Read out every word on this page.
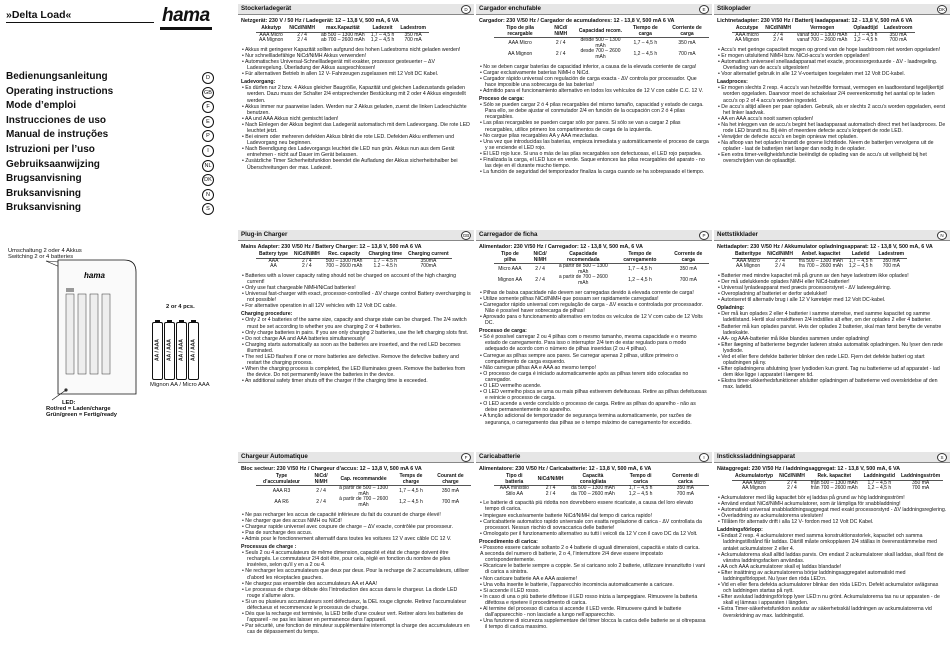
»Delta Load«	hama
Bedienungsanleitung	D
Operating instructions	GB
Mode d’emploi	F
Instrucciones de uso	E
Manual de instruções	P
Istruzioni per l’uso	I
Gebruiksaanwijzing	NL
Brugsanvisning	DK
Bruksanvisning	N
Bruksanvisning	S
Umschaltung 2 oder 4 Akkus
Switching 2 or 4 batteries
hama
2 or 4 pcs.
AA / AAA AA / AAA AA / AAA AA / AAA
Mignon AA / Micro AAA
LED:
Rot/red = Laden/charge
Grün/green = Fertig/ready
Stockerladegerät	D
Netzgerät: 230 V / 50 Hz / Ladegerät: 12 – 13,8 V, 500 mA, 6 VA
Akkutyp	NiCd/NiMH	max.Kapazität	Ladezeit	Ladestrom
AAA Micro	2 / 4	ab 500 – 1300 mAh	1,7 – 4,5 h	350 mA
AA Mignon	2 / 4	ab 700 – 2600 mAh	1,2 – 4,5 h	700 mA

• Akkus mit geringerer Kapazität sollten aufgrund des hohen Ladestroms nicht geladen werden!

• Nur schnellladefähige NiCd/NiMH Akkus verwenden!

• Automatisches Universal-Schnellladegerät mit exakter, prozessor gesteuerter – ΔV Ladesregelung. Überladung der Akkus ausgeschlossen!

• Für alternativen Betrieb in allen 12 V- Fahrzeugen zugelassen mit 12 Volt DC Kabel.

Ladevorgang:

• Es dürfen nur 2 bzw. 4 Akkus gleicher Baugröße, Kapazität und gleichen Ladezustands geladen werden. Dazu muss der Schalter 2/4 entsprechender Bestückung mit 2 oder 4 Akkus eingestellt werden.

• Akkus immer nur paarweise laden. Werden nur 2 Akkus geladen, zuerst die linken Ladeschächte benutzen.

• AA und AAA Akkus nicht gemischt laden!

• Nach Einlegen der Akkus beginnt das Ladegerät automatisch mit dem Ladevorgang. Die rote LED leuchtet jetzt.

• Bei einem oder mehreren defekten Akkus blinkt die rote LED. Defekten Akku entfernen und Ladevorgang neu beginnen.

• Nach Beendigung des Ladevorgangs leuchtet die LED nun grün. Akkus nun aus dem Gerät entnehmen - nicht auf Dauer im Gerät belassen.

• Zusätzliche Timer Sicherheitsfunktion beendet die Aufladung der Akkus sicherheitshalber bei Überschreitungen der max. Ladezeit.

Cargador enchufable	E
Cargador: 230 V/50 Hz / Cargador de acumuladores: 12 - 13,8 V, 500 mA 6 VA
Tipo de pila recargable	NiCd/ NiMH	Capacidad recom.	Tiempo de carga	Corriente de carga
AAA Micro	2 / 4	desde 500 – 1300 mAh	1,7 – 4,5 h	350 mA
AA Mignon	2 / 4	desde 700 – 2600 mAh	1,2 – 4,5 h	700 mA

• No se deben cargar baterías de capacidad inferior, a causa de la elevada corriente de carga!

• Cargar exclusivamente baterías NiMH o NiCd.

• Cargador rápido universal con regulación de carga exacta - ΔV controla por procesador. Que hace imposible una sobrecarga de las baterías!

• Admitido para el funcionamiento alternativo en todos los vehículos de 12 V con cable C.C. 12 V.

Proceso de carga:

• Sólo se pueden cargar 2 ó 4 pilas recargables del mismo tamaño, capacidad y estado de carga. Para ello, se debe ajustar el conmutador 2/4 en función de la ocupación con 2 ó 4 pilas recargables.

• Las pilas recargables se pueden cargar sólo por pares. Si sólo se van a cargar 2 pilas recargables, utilice primero los compartimentos de carga de la izquierda.

• No cargue pilas recargables AA y AAA mezcladas.

• Una vez que introducidas las baterías, empieza inmediata y automáticamente el proceso de carga y se enciende el LED rojo.

• El LED rojo luce. Si una o más de las pilas recargables son defectuosas, el LED rojo parpadea.

• Finalizada la carga, el LED luce en verde. Saque entonces las pilas recargables del aparato - no las deje en él durante mucho tiempo.

• La función de seguridad del temporizador finaliza la carga cuando se ha sobrepasado el tiempo.

Stikoplader	DK
Lichtnetadapter: 230 V/50 Hz / Batterij laadapparaat: 12 - 13,8 V, 500 mA 6 VA
Accutype	NiCd/NiMH	Vermogen	Oplaadtijd	Ladestroom
AAA micro	2 / 4	vanaf 500 – 1300 mAh	1,7 – 4,5 h	350 mA
AA Mignon	2 / 4	vanaf 700 – 2600 mAh	1,2 – 4,5 h	700 mA

• Accu’s met geringe capaciteit mogen op grond van de hoge laadstroom niet worden opgeladen!

• Er mogen uitsluitend NiMH bzw. NiCd-accu’s worden opgeladen!

• Automatisch universeel snellaadapparaat met exacte, processorgestuurde - ΔV - laadregeling. Overlading van de accu’s uitgesloten!

• Voor alternatief gebruik in alle 12 V-voertuigen toegelaten met 12 Volt DC-kabel.

Laadproces:

• Er mogen slechts 2 resp. 4 accu’s van hetzelfde formaat, vermogen en laadtoestand tegelijkertijd worden opgeladen. Daarvoor moet de schakelaar 2/4 overeenkomstig het aantal op te laden accu’s op 2 of 4 accu’s worden ingesteld.

• De accu’s altijd alleen per paar opladen. Gebruik, als er slechts 2 accu’s worden opgeladen, eerst het linker laadvak.

• AA en AAA accu’s nooit samen opladen!

• Na het inleggen van de accu’s begint het laadapparaat automatisch direct met het laadproces. De rode LED brandt nu. Bij één of meerdere defecte accu’s knippert de rode LED.

• Verwijder de defecte accu’s en begin opnieuw met opladen.

• Na afloop van het opladen brandt de groene lichtdiode. Neem de batterijen vervolgens uit de oplader - laat de batterijen niet langer dan nodig in de oplader.

• Een extra timer-veiligheidsfunctie beëindigt de oplading van de accu’s uit veiligheid bij het overschrijden van de oplaadtijd.

Plug-in Charger	GB
Mains Adapter: 230 V/50 Hz / Battery Charger: 12 – 13,8 V, 500 mA 6 VA
Battery type	NiCd/NiMH	Rec. capacity	Charging time	Charging current
AAA	2 / 4	500 – 1300 mAh	1.7 – 4.5 h	350mA
AA	2 / 4	700 – 2600 mAh	1.2 – 4.5 h	700mA

• Batteries with a lower capacity rating should not be charged on account of the high charging current!

• Only use fast chargeable NiMH/NiCad batteries!

• Universal fast-charger with exact, processor-controlled - ΔV charge control Battery overcharging is not possible!

• For alternative operation in all 12V vehicles with 12 Volt DC cable.

Charging procedure:

• Only 2 or 4 batteries of the same size, capacity and charge state can be charged. The 2/4 switch must be set according to whether you are charging 2 or 4 batteries.

• Only charge batteries in pairs. If you are only charging 2 batteries, use the left charging slots first.

• Do not charge AA and AAA batteries simultaneously!

• Charging starts automatically as soon as the batteries are inserted, and the red LED becomes illuminated.

• The red LED flashes if one or more batteries are defective. Remove the defective battery and restart the charging process.

• When the charging process is completed, the LED illuminates green. Remove the batteries from the device. Do not permanently leave the batteries in the device.

• An additional safety timer shuts off the charger if the charging time is exceeded.

Carregador de ficha	P
Alimentador: 230 V/50 Hz / Carregador: 12 - 13,8 V, 500 mA, 6 VA
Tipo de pilha	NiCd/ NiMH	Capacidade recomendada	Tempo de carregamento	Corrente de carga
Micro AAA	2 / 4	a partir de 500 – 1300 mAh	1,7 – 4,5 h	350 mA
Mignon AA	2 / 4	a partir de 700 – 2600 mAh	1,2 – 4,5 h	700 mA

• Pilhas de baixa capacidade não devem ser carregadas devido à elevada corrente de carga!

• Utilize somente pilhas NiCd/NiMH que possam ser rapidamente carregadas!

• Carregador rápido universal com regulação de carga - ΔV exacta e controlada por processador. Não é possível haver sobrecarga de pilhas!

• Aprovado para o funcionamento alternativo em todos os veículos de 12 V com cabo de 12 Volts DC.

Processo de carga:

• Só é possível carregar 2 ou 4 pilhas com o mesmo tamanho, mesma capacidade e o mesmo estado de carregamento. Para isso o interruptor 2/4 tem de estar regulado para o modo adequado de acordo com o número de pilhas inseridas (2 ou 4 pilhas).

• Carregue as pilhas sempre aos pares. Se carregar apenas 2 pilhas, utilize primeiro o compartimento de carga esquerdo.

• Não carregue pilhas AA e AAA ao mesmo tempo!

• O processo de carga é iniciado automaticamente após as pilhas terem sido colocadas no carregador.

• O LED vermelho acende.

• O LED vermelho pisca se uma ou mais pilhas estiverem defeituosas. Retire as pilhas defeituosas e reinicie o processo de carga.

• O LED acende a verde concluído o processo de carga. Retire as pilhas do aparelho - não as deixe permanentemente no aparelho.

• A função adicional de temporizador de segurança termina automaticamente, por razões de segurança, o carregamento das pilhas se o tempo máximo de carregamento for excedido.

Nettstikklader	N
Nettadapter: 230 V/50 Hz / Akkumulator opladningsapparat: 12 - 13,8 V, 500 mA, 6 VA
Batteritype	NiCd/NiMH	Anbef. kapacitet	Ladetid	Ladestrøm
AAA Micro	2 / 4	fra 500 – 1300 mAh	1,7 – 4,5 h	350 mA
AA Mignon	2 / 4	fra 700 – 2600 mAh	1,2 – 4,5 h	700 mA

• Batterier med mindre kapacitet må på grunn av den høye ladestrøm ikke oplades!

• Der må udelukkende oplades NiMH eller NiCd-batterier!

• Universal lynladeapparat med præcis processorstyret - ΔV ladereguléring.

• Overopladning af batteriet er derfor udelukket!

• Autoriseret til alternativ brug i alle 12 V køretøjer med 12 Volt DC-kabel.

Opladning:

• Der må kun oplades 2 eller 4 batterier i samme størrelse, med samme kapacitet og samme ladetilstand. Hertil skal omskifteren 2/4 indstilles alt efter, om der oplades 2 eller 4 batterier.

• Batterier må kun oplades parvist. Hvis der oplades 2 batterier, skal man først benytte de venstre ladeskakte.

• AA- og AAA-batterier må ikke blandes sammen under opladning!

• Efter ilægning af batterierne begynder laderen straks automatisk opladningen. Nu lyser den røde lysdiode.

• Ved et eller flere defekte batterier blinker den røde LED. Fjern det defekte batteri og start opladningen på ny.

• Efter opladningens afslutning lyser lysdioden kun grønt. Tag nu batterierne ud af apparatet - lad dem ikke ligge i apparatet i længere tid.

• Ekstra timer-sikkerhedsfunktioner afslutter opladningen af batterierne ved overskridelse af den max. ladetid.

Chargeur Automatique	F
Bloc secteur: 230 V/50 Hz / Chargeur d’accus: 12 – 13,8 V, 500 mA 6 VA
Type d’accumulateur	NiCd/ NiMH	Cap. recommandée	Temps de charge	Courant de charge
AAA R3	2 / 4	à partir de 500 – 1300 mAh	1,7 – 4,5 h	350 mA
AA R6	2 / 4	à partir de 700 – 2600 mAh	1,2 – 4,5 h	700 mA

• Ne pas recharger les accus de capacité inférieure du fait du courant de charge élevé!

• Ne charger que des accus NiMH ou NiCd!

• Chargeur rapide universel avec coupure de charge – ΔV exacte, contrôlée par processeur.

• Pas de surcharge des accus.

• Admis pour le fonctionnement alternatif dans toutes les voitures 12 V avec câble CC 12 V.

Processus de charge :

• Seuls 2 ou 4 accumulateurs de même dimension, capacité et état de charge doivent être rechargés. Le commutateur 2/4 doit être, pour cela, réglé en fonction du nombre de piles insérées, selon qu’il y en a 2 ou 4.

• Ne recharger les accumulateurs que deux par deux. Pour la recharge de 2 accumulateurs, utiliser d’abord les réceptacles gauches.

• Ne chargez pas ensemble des accumulateurs AA et AAA!

• Le processus de charge débute dès l’introduction des accus dans le chargeur. La diode LED rouge s’allume alors.

• Si un ou plusieurs accumulateurs sont défectueux, la DEL rouge clignote. Retirez l’accumulateur défectueux et recommencez le processus de charge.

• Dès que la recharge est terminée, la LED brille d’une couleur vert. Retirer alors les batteries de l’appareil - ne pas les laisser en permanence dans l’appareil.

• Par sécurité, une fonction de minuteur supplémentaire interrompt la charge des accumulateurs en cas de dépassement du temps.

Caricabatterie	I
Alimentatore: 230 V/50 Hz / Caricabatterie: 12 - 13,8 V, 500 mA, 6 VA
Tipo di batteria	NiCd/NiMH	Capacità consigliata	Tempo di carica	Corrente di carica
AAA ministilo	2 / 4	da 500 – 1300 mAh	1,7 – 4,5 h	350 mA
Stilo AA	2 / 4	da 700 – 2600 mAh	1,2 – 4,5 h	700 mA

• Le batterie di capacità più ridotta non dovrebbero essere ricaricate, a causa del loro elevato tempo di carica.

• Impiegare esclusivamente batterie NiCd/NiMH dal tempo di carica rapido!

• Caricabatterie automatico rapido universale con esatta regolazione di carica - ΔV controllata da processori. Nessun rischio di sovraccarica delle batterie!

• Omologato per il funzionamento alternativo su tutti i veicoli da 12 V con il cavo DC da 12 Volt.

Procedimento di carica:

• Possono essere caricate soltanto 2 o 4 batterie di uguali dimensioni, capacità e stato di carica.

A seconda del numero di batterie, 2 o 4, l’interruttore 2/4 deve essere impostato corrispondentemente.

• Ricaricare le batterie sempre a coppie. Se si caricano solo 2 batterie, utilizzare innanzitutto i vani di carica a sinistra.

• Non caricare batterie AA e AAA assieme!

• Una volta inserite le batterie, l’apparecchio incomincia automaticamente a caricare.

• Si accende il LED rosso.

• In caso di una o più batterie difettose il LED rosso inizia a lampeggiare. Rimuovere la batteria difettosa e ripetere il procedimento di carica.

• Al termine del processo di carica si accende il LED verde. Rimuovere quindi le batterie dall’apparecchio - non lasciarle a lungo nell’apparecchio.

• Una funzione di sicurezza supplementare del timer blocca la carica delle batterie se si oltrepassa il tempo di carica massimo.

Instickssladdningsapparat	S
Nätaggregat: 230 V/50 Hz / laddningsaggregat: 12 - 13,8 V, 500 mA, 6 VA
Ackumulatortyp	NiCd/NiMH	Rek. kapacitet	Laddningstid	Laddningsström
AAA Micro	2 / 4	från 500 – 1300 mAh	1,7 – 4,5 h	350 mA
AA Mignon	2 / 4	från 700 – 2600 mAh	1,2 – 4,5 h	700 mA

• Ackumulatorer med låg kapacitet bör ej laddas på grund av hög laddningsström!

• Använd endast NiCd/NiMH ackumulatorer, som är lämpliga för snabbladdning!

• Automatiskt universal snabbladdningsaggregat med exakt processorstyrd - ΔV laddningsreglering.

• Överladdning av ackumulatorerna utesluten!

• Tillåten för alternativ drift i alla 12 V- fordon med 12 Volt DC Kabel.

Laddningsförlopp:

• Endast 2 resp. 4 ackumulatorer med samma konstruktionsstorlek, kapacitet och samma laddningstillstånd får laddas. Därtill måste omkopplaren 2/4 ställas in överensstämmelse med antalet ackumulatorer 2 eller 4.

• Ackumulatorerna skall alltid laddas parvis. Om endast 2 ackumulatorer skall laddas, skall först de vänstra laddningsfacken användas.

• AA och AAA ackumulatorer skall ej laddas blandade!

• Efter insättning av ackumulatorerna börjar laddningsaggregatet automatiskt med laddningsförloppet. Nu lyser den röda LED:n.

• Vid en eller flera defekta ackumulatorer blinkar den röda LED:n. Defekt ackumulator avlägsnas och laddningen startas på nytt.

• Efter avslutad laddningsförlopp lyser LED:n nu grönt. Ackumulatorerna tas nu ur apparaten - de skall ej lämnas i apparaten i längden.

• Extra Timer-säkerhetsfunktion avslutar av säkerhetsskäl laddningen av ackumulatorerna vid överskridning av max. laddningstid.
